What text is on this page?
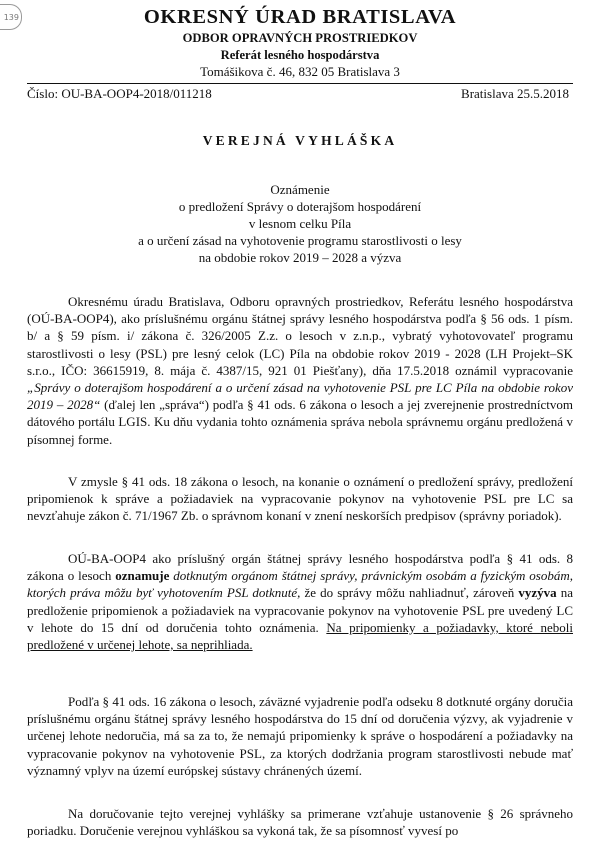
139	OKRESNÝ ÚRAD BRATISLAVA
ODBOR OPRAVNÝCH PROSTRIEDKOV
Referát lesného hospodárstva
Tomášikova č. 46, 832 05 Bratislava 3
Číslo: OU-BA-OOP4-2018/011218	Bratislava 25.5.2018
VEREJNÁ VYHLÁŠKA
Oznámenie
o predložení Správy o doterajšom hospodárení
v lesnom celku Píla
a o určení zásad na vyhotovenie programu starostlivosti o lesy
na obdobie rokov 2019 – 2028 a výzva

Okresnému úradu Bratislava, Odboru opravných prostriedkov, Referátu lesného hospodárstva (OÚ-BA-OOP4), ako príslušnému orgánu štátnej správy lesného hospodárstva podľa § 56 ods. 1 písm. b/ a § 59 písm. i/ zákona č. 326/2005 Z.z. o lesoch v z.n.p., vybratý vyhotovovateľ programu starostlivosti o lesy (PSL) pre lesný celok (LC) Píla na obdobie rokov 2019 - 2028 (LH Projekt–SK s.r.o., IČO: 36615919, 8. mája č. 4387/15, 921 01 Piešťany), dňa 17.5.2018 oznámil vypracovanie „Správy o doterajšom hospodárení a o určení zásad na vyhotovenie PSL pre LC Píla na obdobie rokov 2019 – 2028“ (ďalej len „správa“) podľa § 41 ods. 6 zákona o lesoch a jej zverejnenie prostredníctvom dátového portálu LGIS. Ku dňu vydania tohto oznámenia správa nebola správnemu orgánu predložená v písomnej forme.

V zmysle § 41 ods. 18 zákona o lesoch, na konanie o oznámení o predložení správy, predložení pripomienok k správe a požiadaviek na vypracovanie pokynov na vyhotovenie PSL pre LC sa nevzťahuje zákon č. 71/1967 Zb. o správnom konaní v znení neskorších predpisov (správny poriadok).

OÚ-BA-OOP4 ako príslušný orgán štátnej správy lesného hospodárstva podľa § 41 ods. 8 zákona o lesoch oznamuje dotknutým orgánom štátnej správy, právnickým osobám a fyzickým osobám, ktorých práva môžu byť vyhotovením PSL dotknuté, že do správy môžu nahliadnuť, zároveň vyzýva na predloženie pripomienok a požiadaviek na vypracovanie pokynov na vyhotovenie PSL pre uvedený LC v lehote do 15 dní od doručenia tohto oznámenia. Na pripomienky a požiadavky, ktoré neboli predložené v určenej lehote, sa neprihliada.

Podľa § 41 ods. 16 zákona o lesoch, záväzné vyjadrenie podľa odseku 8 dotknuté orgány doručia príslušnému orgánu štátnej správy lesného hospodárstva do 15 dní od doručenia výzvy, ak vyjadrenie v určenej lehote nedoručia, má sa za to, že nemajú pripomienky k správe o hospodárení a požiadavky na vypracovanie pokynov na vyhotovenie PSL, za ktorých dodržania program starostlivosti nebude mať významný vplyv na území európskej sústavy chránených území.

Na doručovanie tejto verejnej vyhlášky sa primerane vzťahuje ustanovenie § 26 správneho poriadku. Doručenie verejnou vyhláškou sa vykoná tak, že sa písomnosť vyvesí po
